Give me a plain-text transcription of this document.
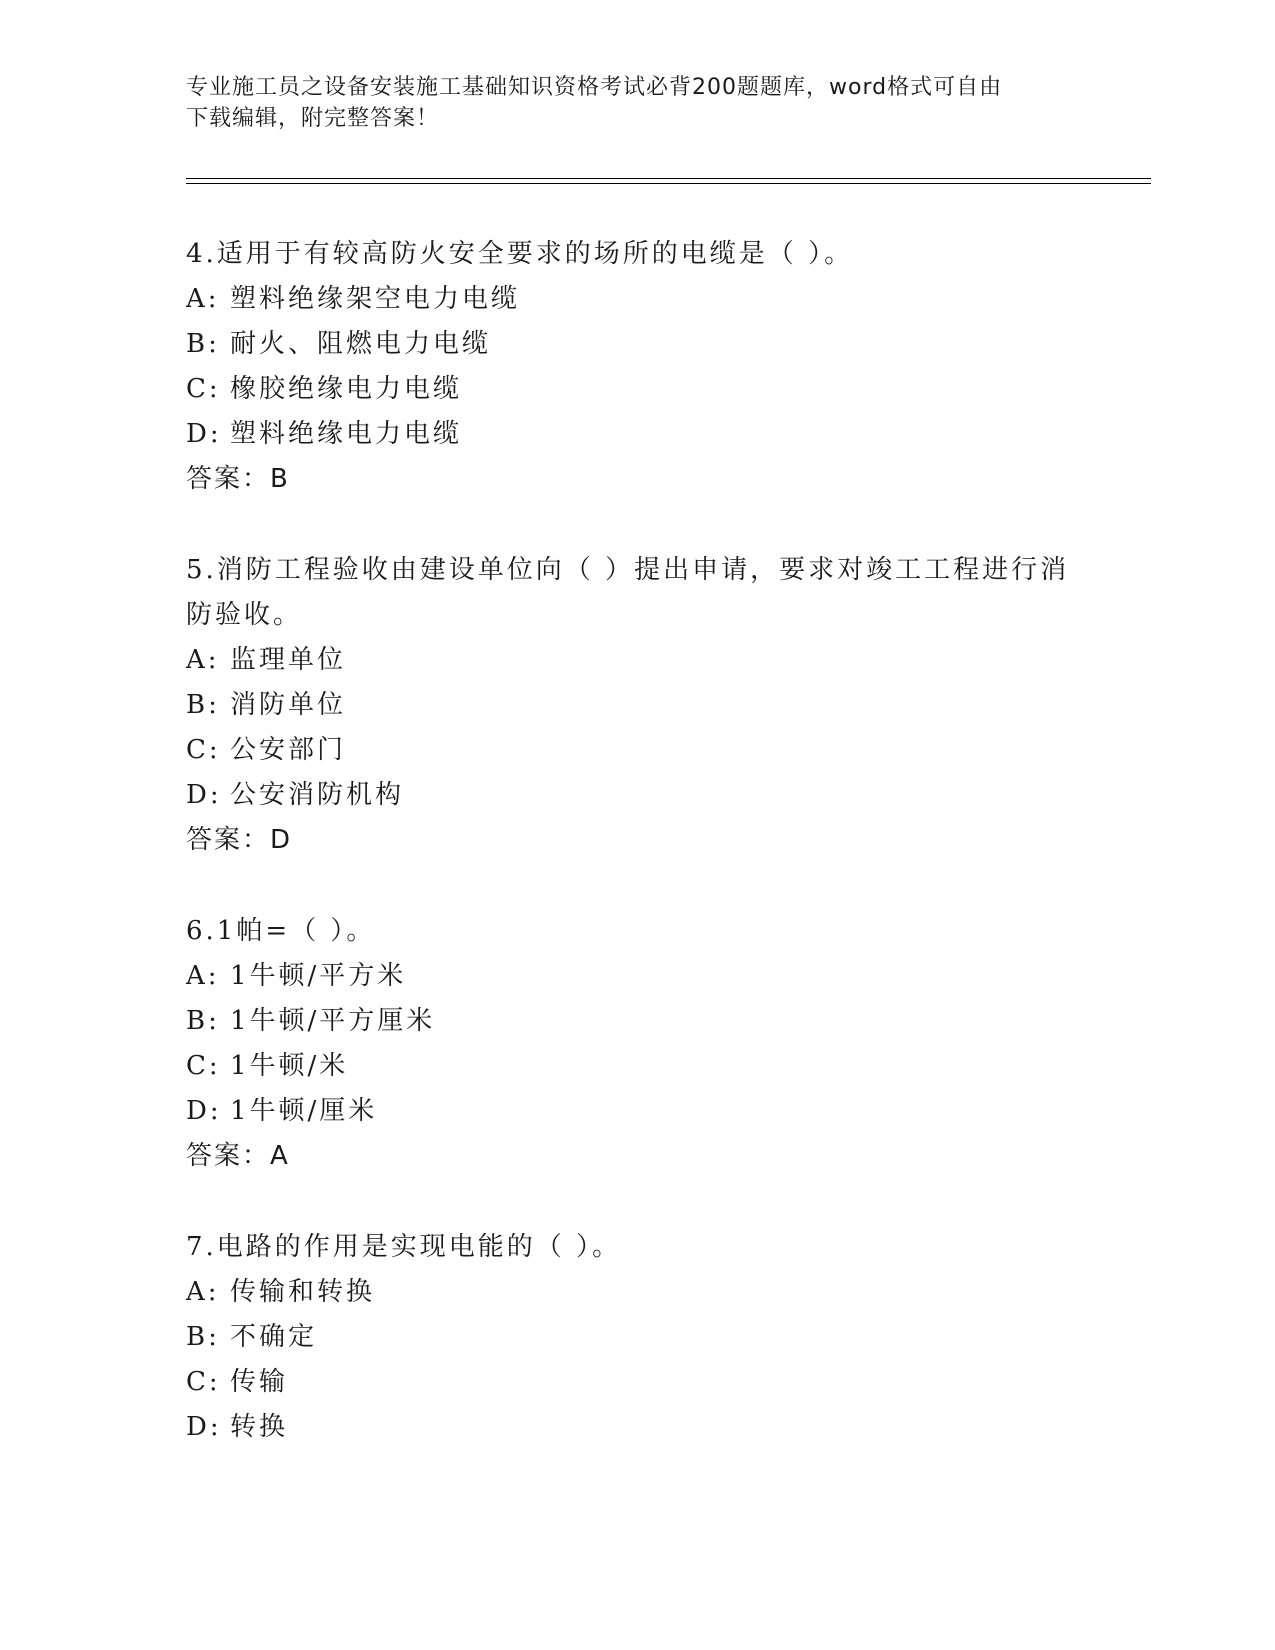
专业施工员之设备安装施工基础知识资格考试必背200题题库，word格式可自由
下载编辑，附完整答案！
4.适用于有较高防火安全要求的场所的电缆是（ ）。
A: 塑料绝缘架空电力电缆
B: 耐火、阻燃电力电缆
C: 橡胶绝缘电力电缆
D: 塑料绝缘电力电缆
答案：B
5.消防工程验收由建设单位向（ ）提出申请，要求对竣工工程进行消防验收。
A: 监理单位
B: 消防单位
C: 公安部门
D: 公安消防机构
答案：D
6.1帕=（ ）。
A: 1牛顿/平方米
B: 1牛顿/平方厘米
C: 1牛顿/米
D: 1牛顿/厘米
答案：A
7.电路的作用是实现电能的（ ）。
A: 传输和转换
B: 不确定
C: 传输
D: 转换
